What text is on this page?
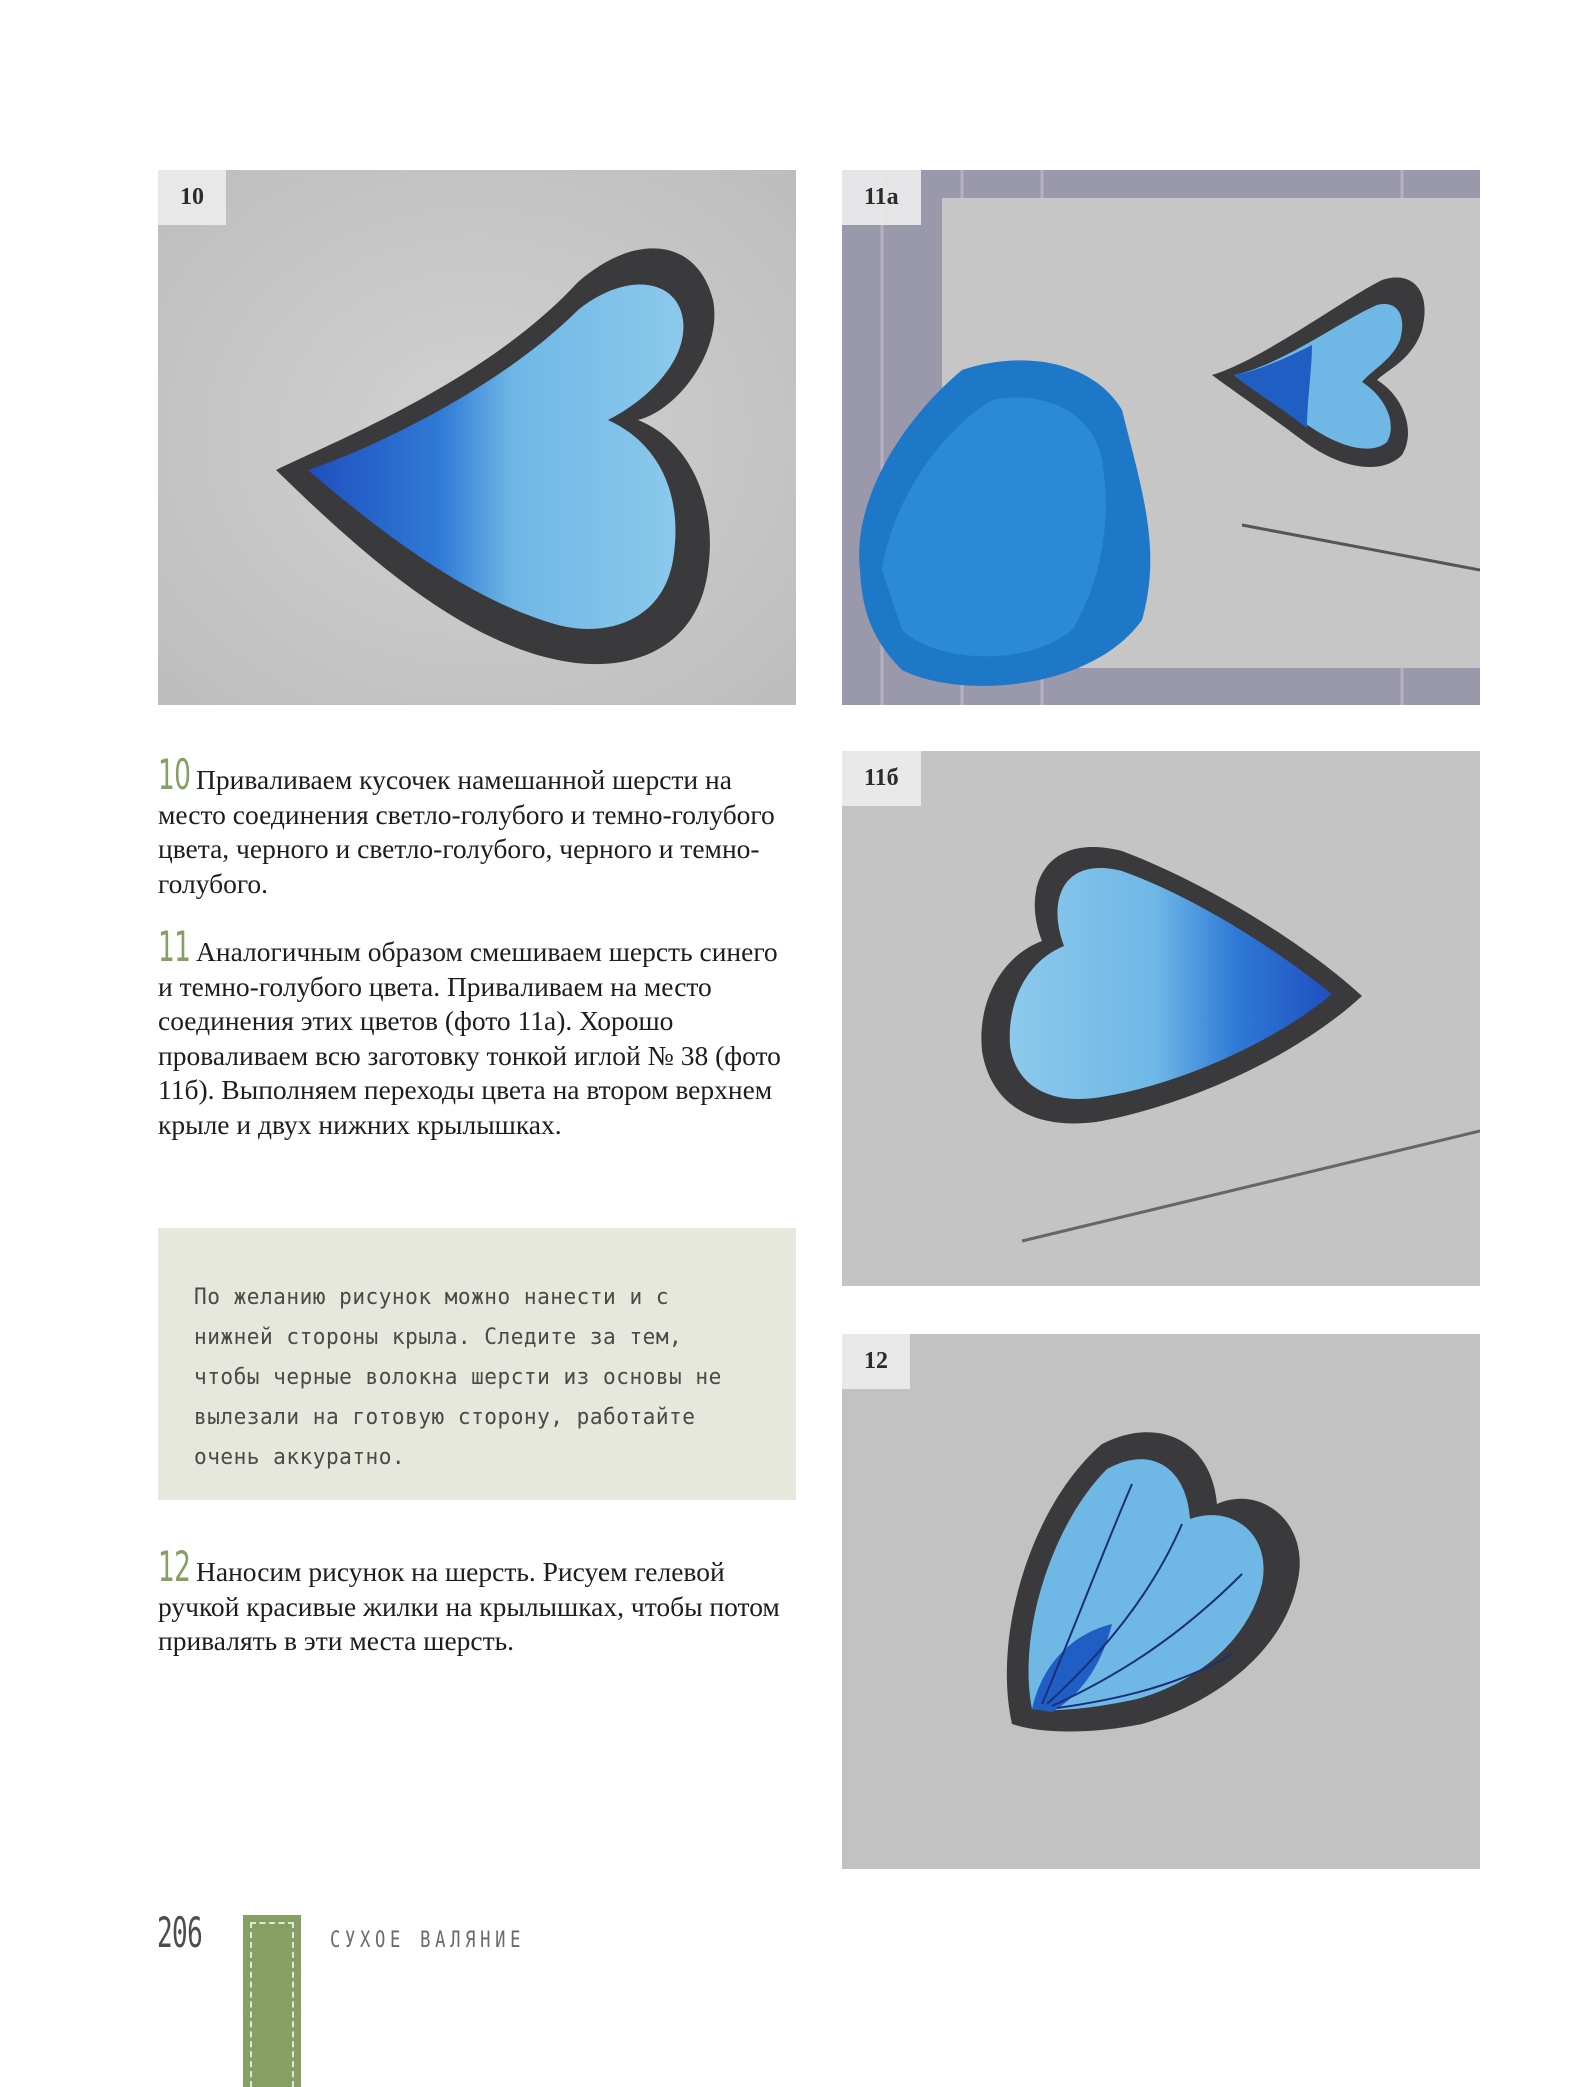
10	11а
11б
12
10 Приваливаем кусочек намешанной шерсти на место соединения светло-голубого и темно-голубого цвета, черного и светло-голубого, черного и темно-голубого.
11 Аналогичным образом смешиваем шерсть синего и темно-голубого цвета. Приваливаем на место соединения этих цветов (фото 11а). Хорошо проваливаем всю заготовку тонкой иглой № 38 (фото 11б). Выполняем переходы цвета на втором верхнем крыле и двух нижних крылышках.
По желанию рисунок можно нанести и с нижней стороны крыла. Следите за тем, чтобы черные волокна шерсти из основы не вылезали на готовую сторону, работайте очень аккуратно.
12 Наносим рисунок на шерсть. Рисуем гелевой ручкой красивые жилки на крылышках, чтобы потом привалять в эти места шерсть.
206	СУХОЕ ВАЛЯНИЕ
